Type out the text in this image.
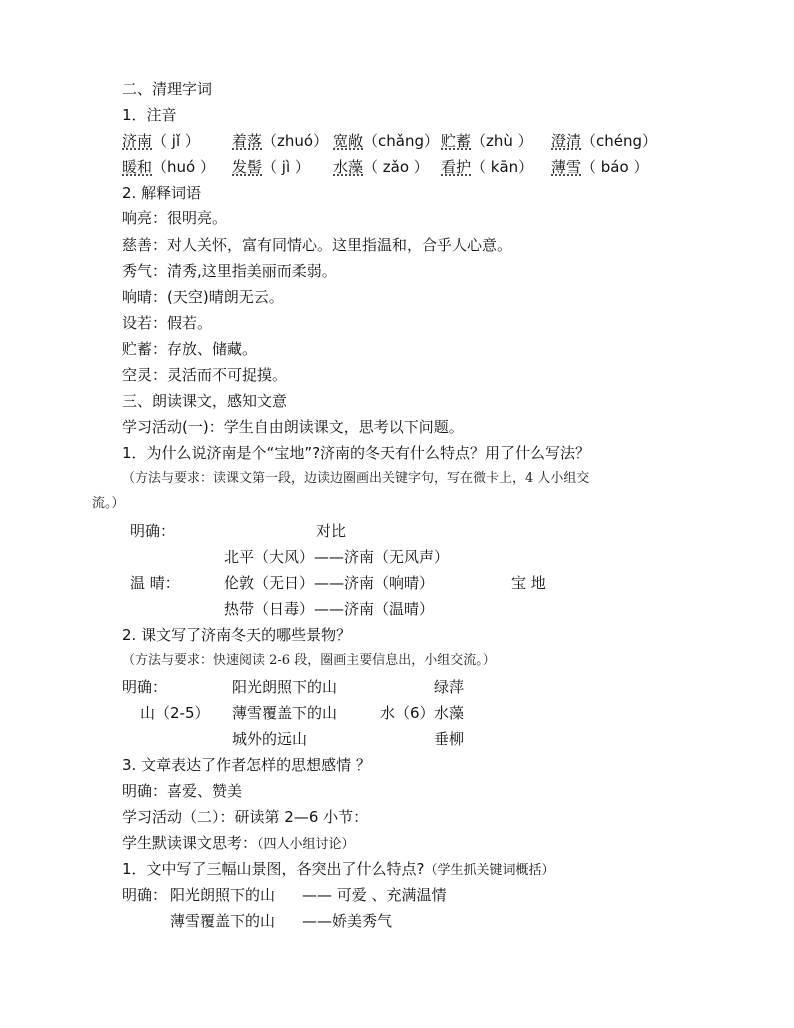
二、清理字词
1．注音
济南（ jǐ ） 着落（zhuó） 宽敞（chǎng） 贮蓄（zhù ） 澄清（chéng）
暖和（huó ） 发髻（ jì ） 水藻（ zǎo ） 看护（ kān） 薄雪（ báo ）
2. 解释词语
响亮：很明亮。
慈善：对人关怀，富有同情心。这里指温和，合乎人心意。
秀气：清秀,这里指美丽而柔弱。
响晴：(天空)晴朗无云。
设若：假若。
贮蓄：存放、储藏。
空灵：灵活而不可捉摸。
三、朗读课文，感知文意
学习活动(一)：学生自由朗读课文，思考以下问题。
1．为什么说济南是个“宝地”?济南的冬天有什么特点？用了什么写法？
（方法与要求：读课文第一段，边读边圈画出关键字句，写在微卡上，4 人小组交
流。）
明确：	对比
北平（大风）——济南（无风声）
温 晴：	伦敦（无日）——济南（响晴）	宝 地
热带（日毒）——济南（温晴）
2. 课文写了济南冬天的哪些景物？
（方法与要求：快速阅读 2-6 段，圈画主要信息出，小组交流。）
明确：	阳光朗照下的山	绿萍
山（2-5） 薄雪覆盖下的山	水（6） 水藻
城外的远山	垂柳
3. 文章表达了作者怎样的思想感情 ？
明确：喜爱、赞美
学习活动（二）：研读第 2—6 小节：
学生默读课文思考：（四人小组讨论）
1．文中写了三幅山景图，各突出了什么特点?（学生抓关键词概括）
明确： 阳光朗照下的山 —— 可爱 、充满温情
薄雪覆盖下的山 ——娇美秀气
